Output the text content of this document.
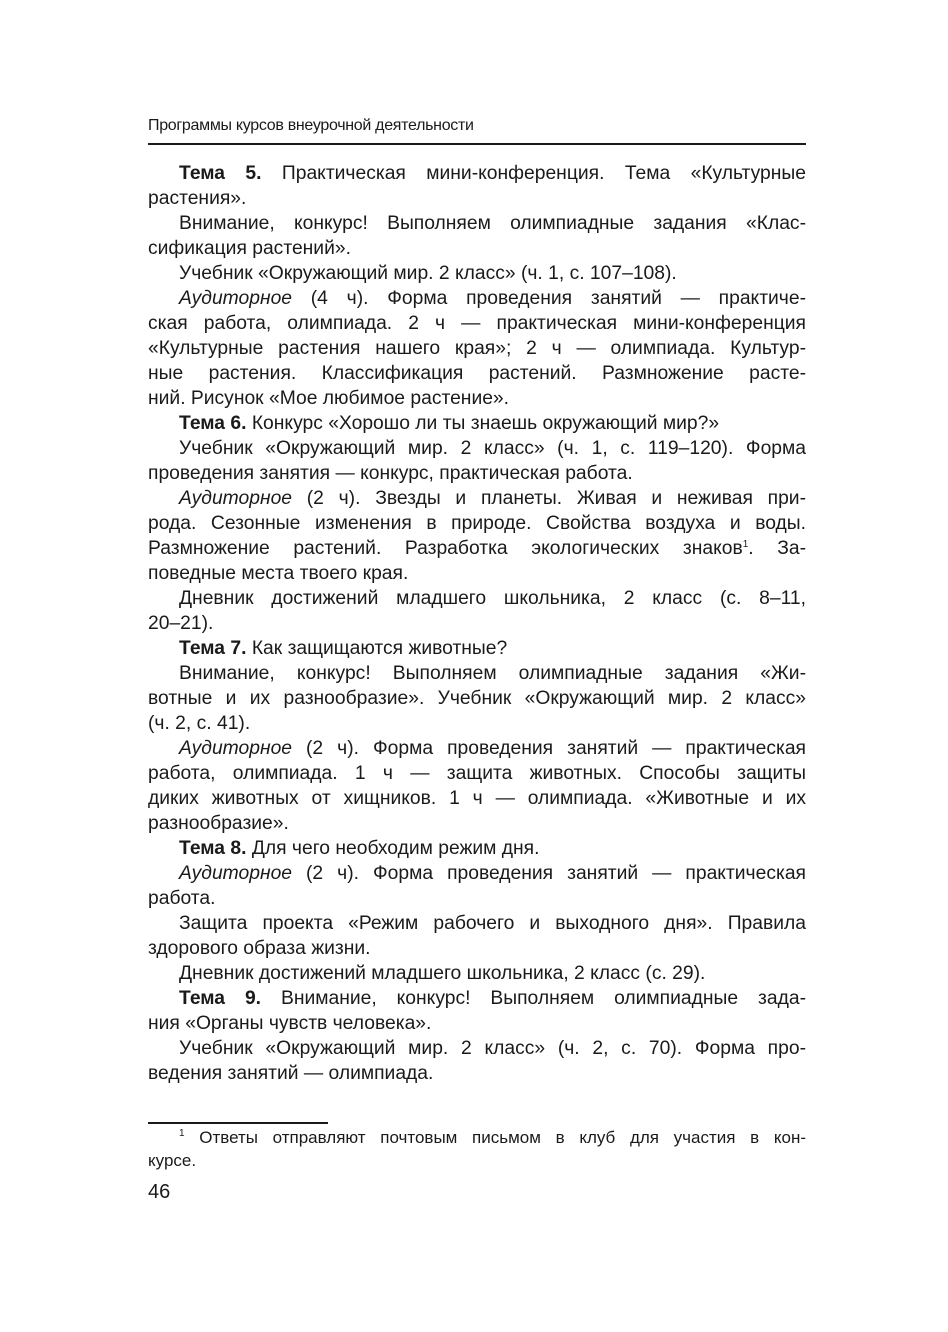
Программы курсов внеурочной деятельности
Тема 5. Практическая мини-конференция. Тема «Культурные
растения».
Внимание, конкурс! Выполняем олимпиадные задания «Клас-
сификация растений».
Учебник «Окружающий мир. 2 класс» (ч. 1, с. 107–108).
Аудиторное (4 ч). Форма проведения занятий — практиче-
ская работа, олимпиада. 2 ч — практическая мини-конференция
«Культурные растения нашего края»; 2 ч — олимпиада. Культур-
ные растения. Классификация растений. Размножение расте-
ний. Рисунок «Мое любимое растение».
Тема 6. Конкурс «Хорошо ли ты знаешь окружающий мир?»
Учебник «Окружающий мир. 2 класс» (ч. 1, с. 119–120). Форма
проведения занятия — конкурс, практическая работа.
Аудиторное (2 ч). Звезды и планеты. Живая и неживая при-
рода. Сезонные изменения в природе. Свойства воздуха и воды.
Размножение растений. Разработка экологических знаков$^1$. За-
поведные места твоего края.
Дневник достижений младшего школьника, 2 класс (с. 8–11,
20–21).
Тема 7. Как защищаются животные?
Внимание, конкурс! Выполняем олимпиадные задания «Жи-
вотные и их разнообразие». Учебник «Окружающий мир. 2 класс»
(ч. 2, с. 41).
Аудиторное (2 ч). Форма проведения занятий — практическая
работа, олимпиада. 1 ч — защита животных. Способы защиты
диких животных от хищников. 1 ч — олимпиада. «Животные и их
разнообразие».
Тема 8. Для чего необходим режим дня.
Аудиторное (2 ч). Форма проведения занятий — практическая
работа.
Защита проекта «Режим рабочего и выходного дня». Правила
здорового образа жизни.
Дневник достижений младшего школьника, 2 класс (с. 29).
Тема 9. Внимание, конкурс! Выполняем олимпиадные зада-
ния «Органы чувств человека».
Учебник «Окружающий мир. 2 класс» (ч. 2, с. 70). Форма про-
ведения занятий — олимпиада.
$^1$ Ответы отправляют почтовым письмом в клуб для участия в кон-
курсе.
46
